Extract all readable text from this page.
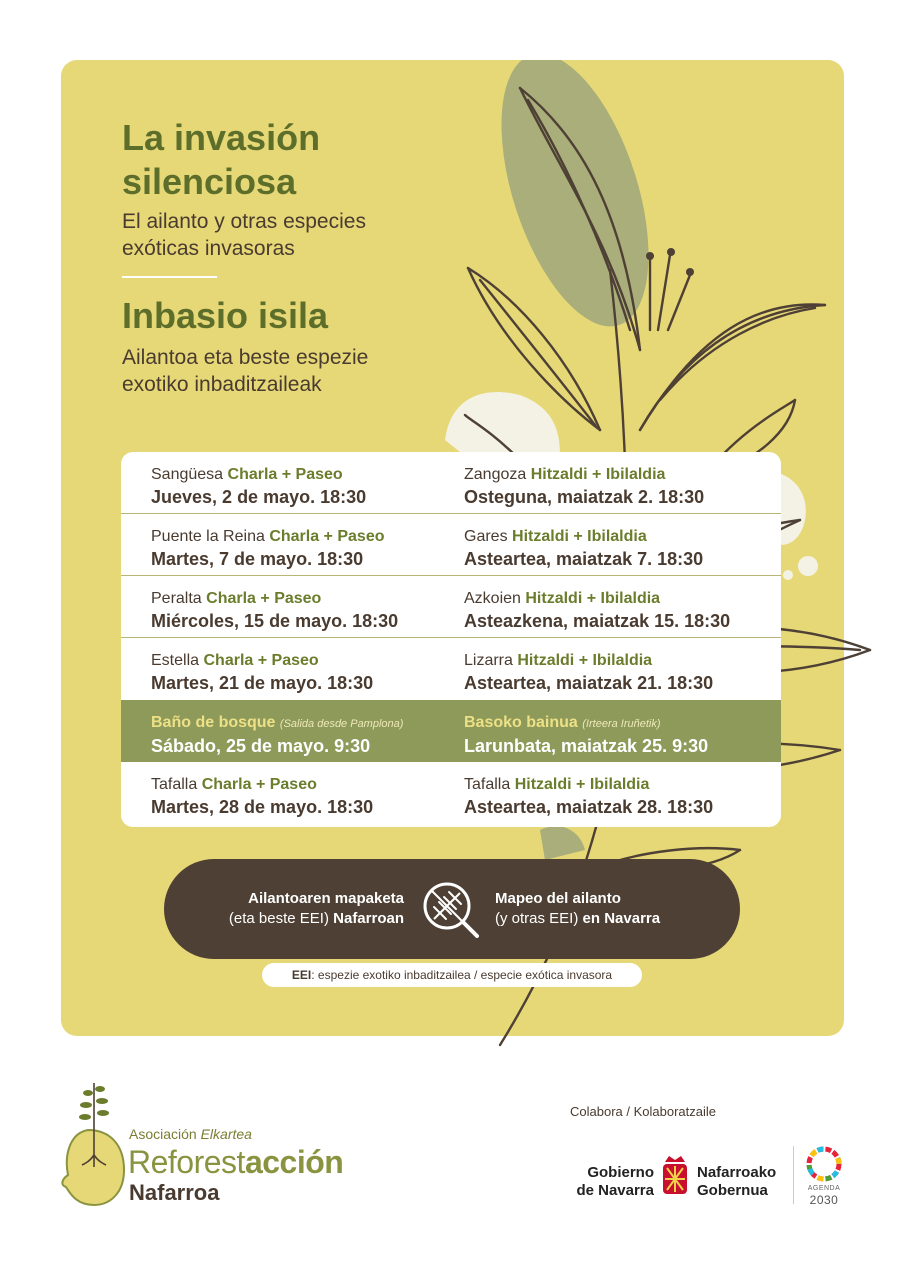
La invasión silenciosa

El ailanto y otras especies exóticas invasoras

Inbasio isila

Ailantoa eta beste espezie exotiko inbaditzaileak

Sangüesa Charla + Paseo
Jueves, 2 de mayo. 18:30
Zangoza Hitzaldi + Ibilaldia
Osteguna, maiatzak 2. 18:30
Puente la Reina Charla + Paseo
Martes, 7 de mayo. 18:30
Gares Hitzaldi + Ibilaldia
Asteartea, maiatzak 7. 18:30
Peralta Charla + Paseo
Miércoles, 15 de mayo. 18:30
Azkoien Hitzaldi + Ibilaldia
Asteazkena, maiatzak 15. 18:30
Estella Charla + Paseo
Martes, 21 de mayo. 18:30
Lizarra Hitzaldi + Ibilaldia
Asteartea, maiatzak 21. 18:30
Baño de bosque (Salida desde Pamplona)
Sábado, 25 de mayo. 9:30
Basoko bainua (Irteera Iruñetik)
Larunbata, maiatzak 25. 9:30
Tafalla Charla + Paseo
Martes, 28 de mayo. 18:30
Tafalla Hitzaldi + Ibilaldia
Asteartea, maiatzak 28. 18:30
Ailantoaren mapaketa
(eta beste EEI) Nafarroan
Mapeo del ailanto
(y otras EEI) en Navarra
EEI: espezie exotiko inbaditzailea / especie exótica invasora
Asociación Elkartea
Reforestacción
Nafarroa
Colabora / Kolaboratzaile
Gobierno
de Navarra
Nafarroako
Gobernua	AGENDA
2030
